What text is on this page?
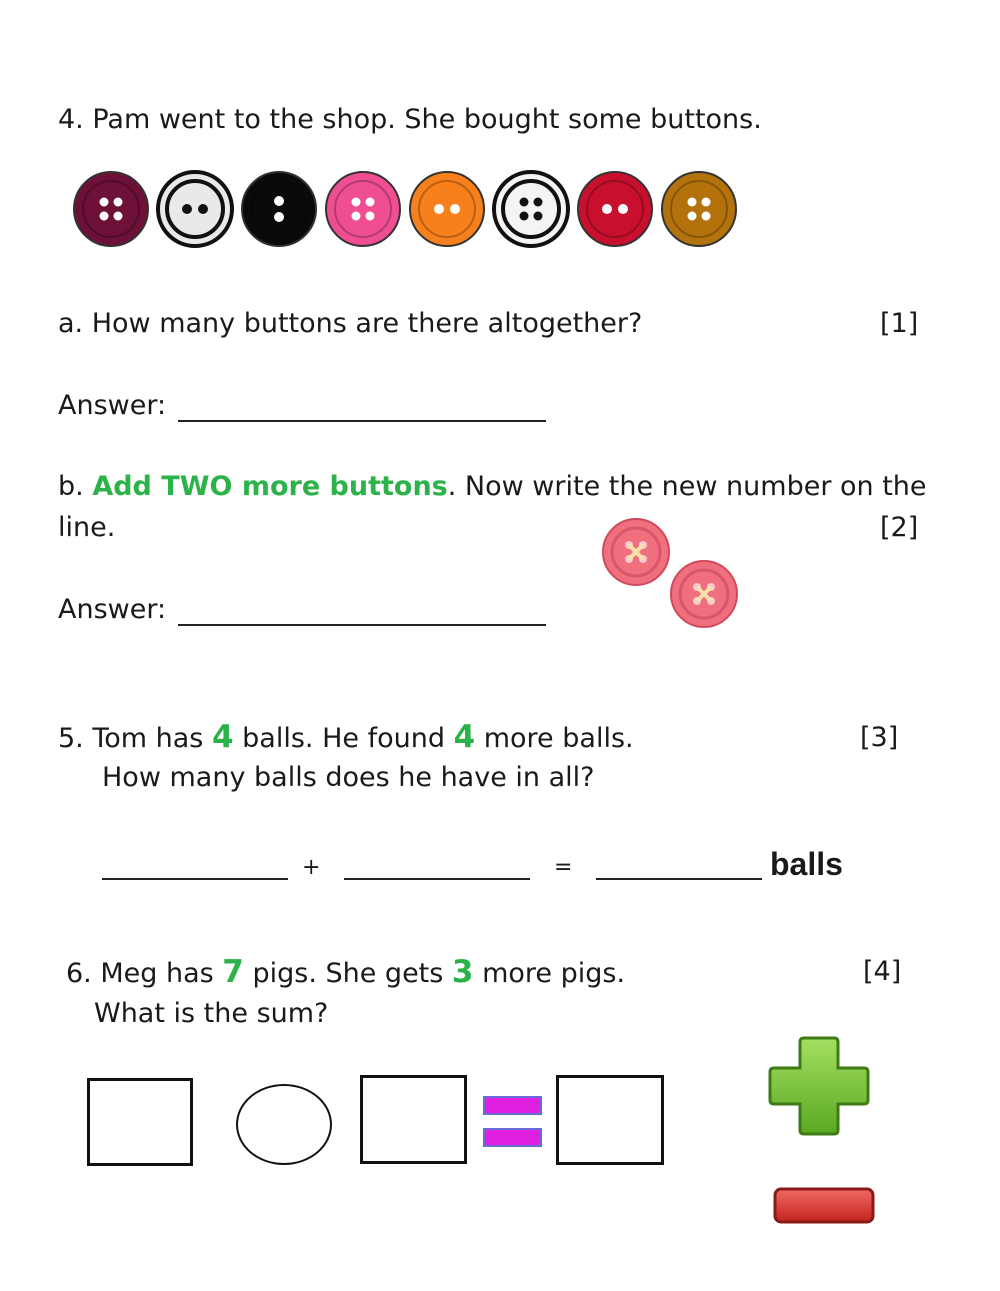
4. Pam went to the shop. She bought some buttons.
a. How many buttons are there altogether?	[1]
Answer:
b. Add TWO more buttons. Now write the new number on the
line.	[2]
Answer:
5. Tom has 4 balls. He found 4 more balls.	[3]
How many balls does he have in all?
+	=	balls
6. Meg has 7 pigs. She gets 3 more pigs.	[4]
What is the sum?
